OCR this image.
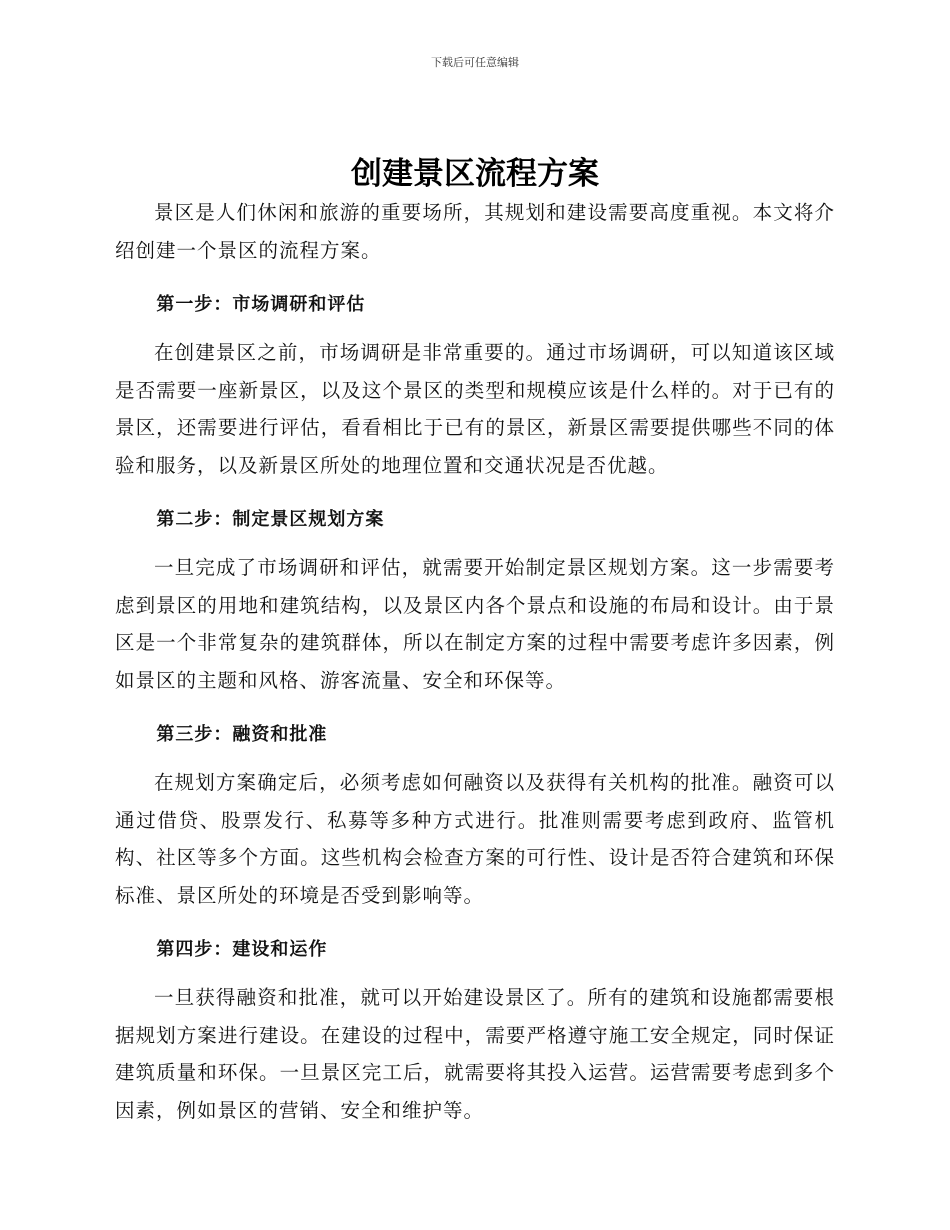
下载后可任意编辑
创建景区流程方案

景区是人们休闲和旅游的重要场所，其规划和建设需要高度重视。本文将介绍创建一个景区的流程方案。

第一步：市场调研和评估

在创建景区之前，市场调研是非常重要的。通过市场调研，可以知道该区域是否需要一座新景区，以及这个景区的类型和规模应该是什么样的。对于已有的景区，还需要进行评估，看看相比于已有的景区，新景区需要提供哪些不同的体验和服务，以及新景区所处的地理位置和交通状况是否优越。

第二步：制定景区规划方案

一旦完成了市场调研和评估，就需要开始制定景区规划方案。这一步需要考虑到景区的用地和建筑结构，以及景区内各个景点和设施的布局和设计。由于景区是一个非常复杂的建筑群体，所以在制定方案的过程中需要考虑许多因素，例如景区的主题和风格、游客流量、安全和环保等。

第三步：融资和批准

在规划方案确定后，必须考虑如何融资以及获得有关机构的批准。融资可以通过借贷、股票发行、私募等多种方式进行。批准则需要考虑到政府、监管机构、社区等多个方面。这些机构会检查方案的可行性、设计是否符合建筑和环保标准、景区所处的环境是否受到影响等。

第四步：建设和运作

一旦获得融资和批准，就可以开始建设景区了。所有的建筑和设施都需要根据规划方案进行建设。在建设的过程中，需要严格遵守施工安全规定，同时保证建筑质量和环保。一旦景区完工后，就需要将其投入运营。运营需要考虑到多个因素，例如景区的营销、安全和维护等。
